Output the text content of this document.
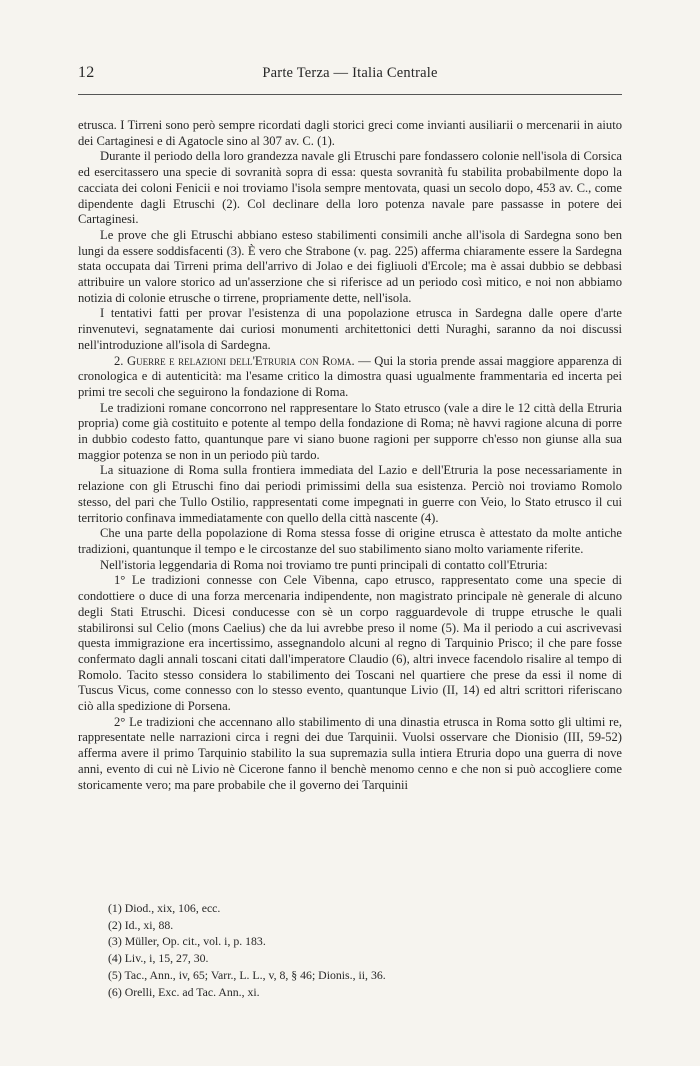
12	Parte Terza — Italia Centrale

etrusca. I Tirreni sono però sempre ricordati dagli storici greci come invianti ausiliarii o mercenarii in aiuto dei Cartaginesi e di Agatocle sino al 307 av. C. (1).

Durante il periodo della loro grandezza navale gli Etruschi pare fondassero colonie nell'isola di Corsica ed esercitassero una specie di sovranità sopra di essa: questa sovranità fu stabilita probabilmente dopo la cacciata dei coloni Fenicii e noi troviamo l'isola sempre mentovata, quasi un secolo dopo, 453 av. C., come dipendente dagli Etruschi (2). Col declinare della loro potenza navale pare passasse in potere dei Cartaginesi.

Le prove che gli Etruschi abbiano esteso stabilimenti consimili anche all'isola di Sardegna sono ben lungi da essere soddisfacenti (3). È vero che Strabone (v. pag. 225) afferma chiaramente essere la Sardegna stata occupata dai Tirreni prima dell'arrivo di Jolao e dei figliuoli d'Ercole; ma è assai dubbio se debbasi attribuire un valore storico ad un'asserzione che si riferisce ad un periodo così mitico, e noi non abbiamo notizia di colonie etrusche o tirrene, propriamente dette, nell'isola.

I tentativi fatti per provar l'esistenza di una popolazione etrusca in Sardegna dalle opere d'arte rinvenutevi, segnatamente dai curiosi monumenti architettonici detti Nuraghi, saranno da noi discussi nell'introduzione all'isola di Sardegna.

2. Guerre e relazioni dell'Etruria con Roma. — Qui la storia prende assai maggiore apparenza di cronologica e di autenticità: ma l'esame critico la dimostra quasi ugualmente frammentaria ed incerta pei primi tre secoli che seguirono la fondazione di Roma.

Le tradizioni romane concorrono nel rappresentare lo Stato etrusco (vale a dire le 12 città della Etruria propria) come già costituito e potente al tempo della fondazione di Roma; nè havvi ragione alcuna di porre in dubbio codesto fatto, quantunque pare vi siano buone ragioni per supporre ch'esso non giunse alla sua maggior potenza se non in un periodo più tardo.

La situazione di Roma sulla frontiera immediata del Lazio e dell'Etruria la pose necessariamente in relazione con gli Etruschi fino dai periodi primissimi della sua esistenza. Perciò noi troviamo Romolo stesso, del pari che Tullo Ostilio, rappresentati come impegnati in guerre con Veio, lo Stato etrusco il cui territorio confinava immediatamente con quello della città nascente (4).

Che una parte della popolazione di Roma stessa fosse di origine etrusca è attestato da molte antiche tradizioni, quantunque il tempo e le circostanze del suo stabilimento siano molto variamente riferite.

Nell'istoria leggendaria di Roma noi troviamo tre punti principali di contatto coll'Etruria:

1° Le tradizioni connesse con Cele Vibenna, capo etrusco, rappresentato come una specie di condottiere o duce di una forza mercenaria indipendente, non magistrato principale nè generale di alcuno degli Stati Etruschi. Dicesi conducesse con sè un corpo ragguardevole di truppe etrusche le quali stabilironsi sul Celio (mons Caelius) che da lui avrebbe preso il nome (5). Ma il periodo a cui ascrivevasi questa immigrazione era incertissimo, assegnandolo alcuni al regno di Tarquinio Prisco; il che pare fosse confermato dagli annali toscani citati dall'imperatore Claudio (6), altri invece facendolo risalire al tempo di Romolo. Tacito stesso considera lo stabilimento dei Toscani nel quartiere che prese da essi il nome di Tuscus Vicus, come connesso con lo stesso evento, quantunque Livio (II, 14) ed altri scrittori riferiscano ciò alla spedizione di Porsena.

2° Le tradizioni che accennano allo stabilimento di una dinastia etrusca in Roma sotto gli ultimi re, rappresentate nelle narrazioni circa i regni dei due Tarquinii. Vuolsi osservare che Dionisio (III, 59-52) afferma avere il primo Tarquinio stabilito la sua supremazia sulla intiera Etruria dopo una guerra di nove anni, evento di cui nè Livio nè Cicerone fanno il benchè menomo cenno e che non si può accogliere come storicamente vero; ma pare probabile che il governo dei Tarquinii

(1) Diod., xix, 106, ecc.
(2) Id., xi, 88.
(3) Müller, Op. cit., vol. i, p. 183.
(4) Liv., i, 15, 27, 30.
(5) Tac., Ann., iv, 65; Varr., L. L., v, 8, § 46; Dionis., ii, 36.
(6) Orelli, Exc. ad Tac. Ann., xi.
